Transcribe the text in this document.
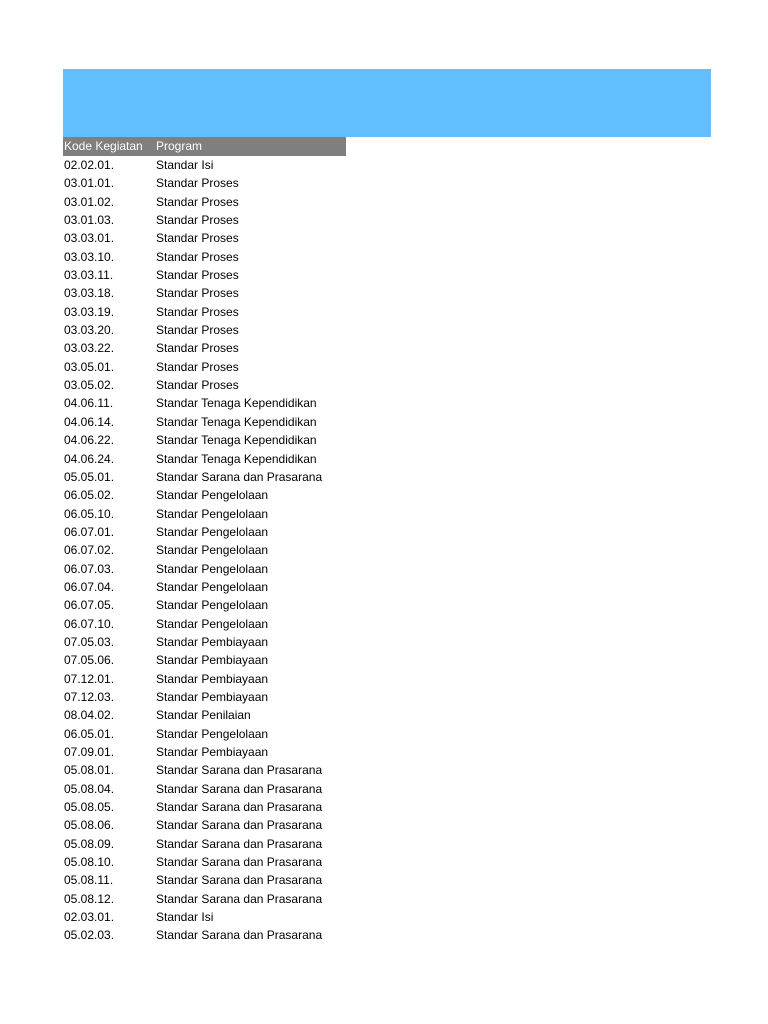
Kode Kegiatan	Program
02.02.01.	Standar Isi
03.01.01.	Standar Proses
03.01.02.	Standar Proses
03.01.03.	Standar Proses
03.03.01.	Standar Proses
03.03.10.	Standar Proses
03.03.11.	Standar Proses
03.03.18.	Standar Proses
03.03.19.	Standar Proses
03.03.20.	Standar Proses
03.03.22.	Standar Proses
03.05.01.	Standar Proses
03.05.02.	Standar Proses
04.06.11.	Standar Tenaga Kependidikan
04.06.14.	Standar Tenaga Kependidikan
04.06.22.	Standar Tenaga Kependidikan
04.06.24.	Standar Tenaga Kependidikan
05.05.01.	Standar Sarana dan Prasarana
06.05.02.	Standar Pengelolaan
06.05.10.	Standar Pengelolaan
06.07.01.	Standar Pengelolaan
06.07.02.	Standar Pengelolaan
06.07.03.	Standar Pengelolaan
06.07.04.	Standar Pengelolaan
06.07.05.	Standar Pengelolaan
06.07.10.	Standar Pengelolaan
07.05.03.	Standar Pembiayaan
07.05.06.	Standar Pembiayaan
07.12.01.	Standar Pembiayaan
07.12.03.	Standar Pembiayaan
08.04.02.	Standar Penilaian
06.05.01.	Standar Pengelolaan
07.09.01.	Standar Pembiayaan
05.08.01.	Standar Sarana dan Prasarana
05.08.04.	Standar Sarana dan Prasarana
05.08.05.	Standar Sarana dan Prasarana
05.08.06.	Standar Sarana dan Prasarana
05.08.09.	Standar Sarana dan Prasarana
05.08.10.	Standar Sarana dan Prasarana
05.08.11.	Standar Sarana dan Prasarana
05.08.12.	Standar Sarana dan Prasarana
02.03.01.	Standar Isi
05.02.03.	Standar Sarana dan Prasarana
